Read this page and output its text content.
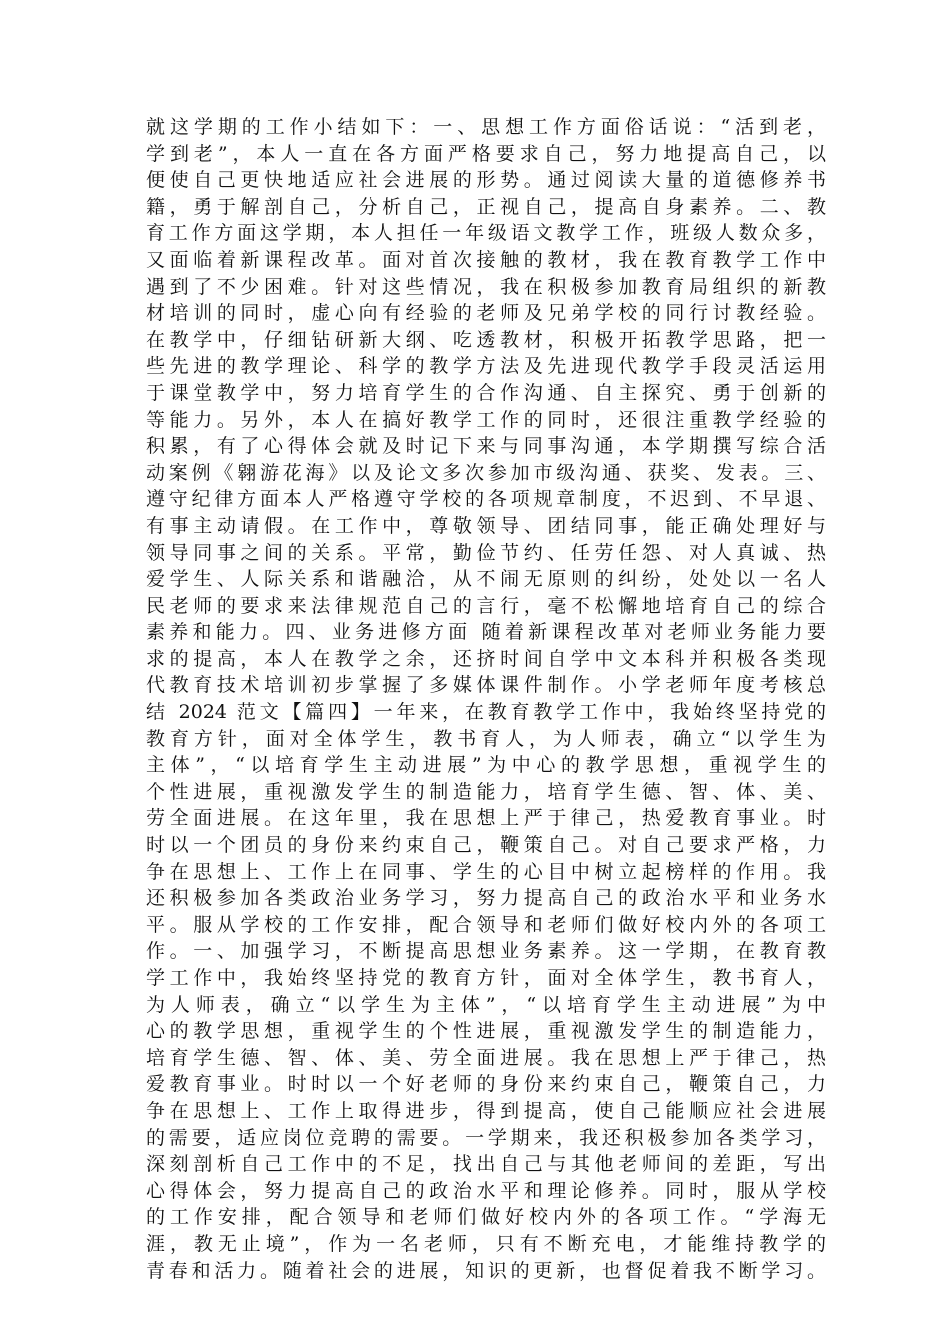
就这学期的工作小结如下：一、思想工作方面俗话说：“活到老，
学到老”，本人一直在各方面严格要求自己，努力地提高自己，以
便使自己更快地适应社会进展的形势。通过阅读大量的道德修养书
籍，勇于解剖自己，分析自己，正视自己，提高自身素养。二、教
育工作方面这学期，本人担任一年级语文教学工作，班级人数众多，
又面临着新课程改革。面对首次接触的教材，我在教育教学工作中
遇到了不少困难。针对这些情况，我在积极参加教育局组织的新教
材培训的同时，虚心向有经验的老师及兄弟学校的同行讨教经验。
在教学中，仔细钻研新大纲、吃透教材，积极开拓教学思路，把一
些先进的教学理论、科学的教学方法及先进现代教学手段灵活运用
于课堂教学中，努力培育学生的合作沟通、自主探究、勇于创新的
等能力。另外，本人在搞好教学工作的同时，还很注重教学经验的
积累，有了心得体会就及时记下来与同事沟通，本学期撰写综合活
动案例《翱游花海》以及论文多次参加市级沟通、获奖、发表。三、
遵守纪律方面本人严格遵守学校的各项规章制度，不迟到、不早退、
有事主动请假。在工作中，尊敬领导、团结同事，能正确处理好与
领导同事之间的关系。平常，勤俭节约、任劳任怨、对人真诚、热
爱学生、人际关系和谐融洽，从不闹无原则的纠纷，处处以一名人
民老师的要求来法律规范自己的言行，毫不松懈地培育自己的综合
素养和能力。四、业务进修方面 随着新课程改革对老师业务能力要
求的提高，本人在教学之余，还挤时间自学中文本科并积极各类现
代教育技术培训初步掌握了多媒体课件制作。小学老师年度考核总
结 2024 范文【篇四】一年来，在教育教学工作中，我始终坚持党的
教育方针，面对全体学生，教书育人，为人师表，确立“以学生为
主体”，“以培育学生主动进展”为中心的教学思想，重视学生的
个性进展，重视激发学生的制造能力，培育学生德、智、体、美、
劳全面进展。在这年里，我在思想上严于律己，热爱教育事业。时
时以一个团员的身份来约束自己，鞭策自己。对自己要求严格，力
争在思想上、工作上在同事、学生的心目中树立起榜样的作用。我
还积极参加各类政治业务学习，努力提高自己的政治水平和业务水
平。服从学校的工作安排，配合领导和老师们做好校内外的各项工
作。一、加强学习，不断提高思想业务素养。这一学期，在教育教
学工作中，我始终坚持党的教育方针，面对全体学生，教书育人，
为人师表，确立“以学生为主体”，“以培育学生主动进展”为中
心的教学思想，重视学生的个性进展，重视激发学生的制造能力，
培育学生德、智、体、美、劳全面进展。我在思想上严于律己，热
爱教育事业。时时以一个好老师的身份来约束自己，鞭策自己，力
争在思想上、工作上取得进步，得到提高，使自己能顺应社会进展
的需要，适应岗位竞聘的需要。一学期来，我还积极参加各类学习，
深刻剖析自己工作中的不足，找出自己与其他老师间的差距，写出
心得体会，努力提高自己的政治水平和理论修养。同时，服从学校
的工作安排，配合领导和老师们做好校内外的各项工作。“学海无
涯，教无止境”，作为一名老师，只有不断充电，才能维持教学的
青春和活力。随着社会的进展，知识的更新，也督促着我不断学习。
